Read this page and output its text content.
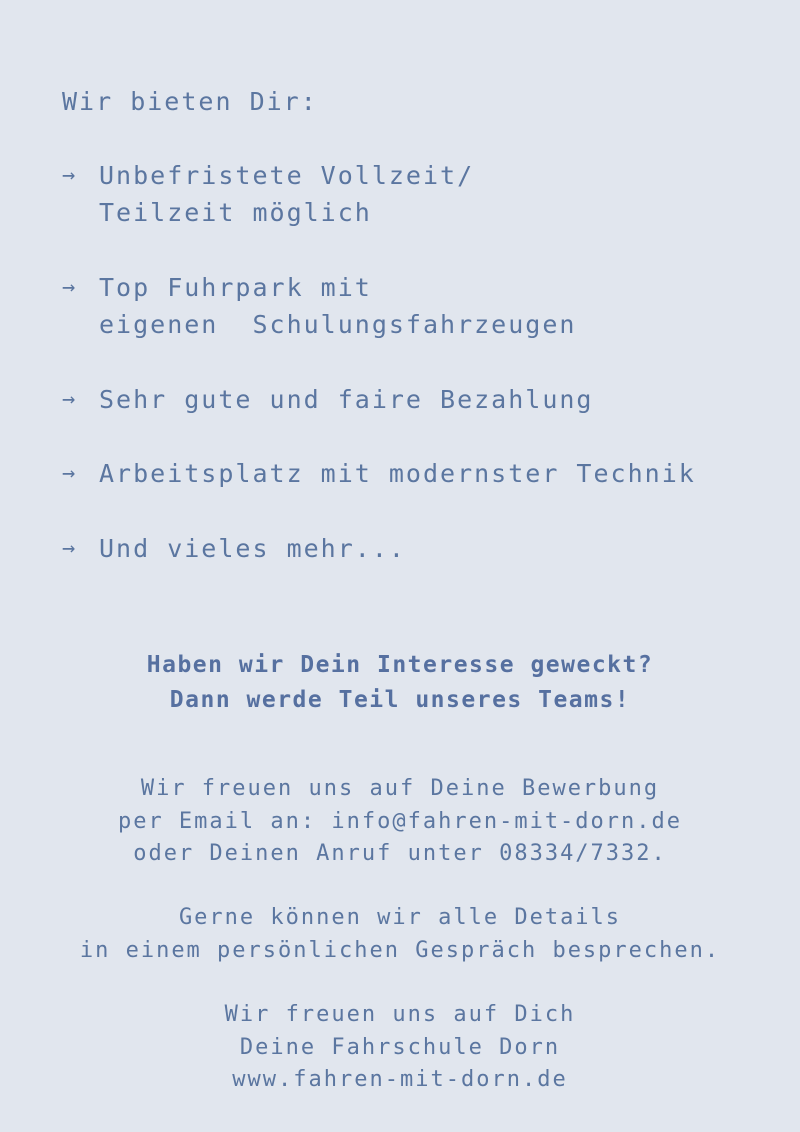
Wir bieten Dir:
→ Unbefristete Vollzeit/
Teilzeit möglich
→ Top Fuhrpark mit
eigenen  Schulungsfahrzeugen
→ Sehr gute und faire Bezahlung
→ Arbeitsplatz mit modernster Technik
→ Und vieles mehr...
Haben wir Dein Interesse geweckt?
Dann werde Teil unseres Teams!
Wir freuen uns auf Deine Bewerbung
per Email an: info@fahren-mit-dorn.de
oder Deinen Anruf unter 08334/7332.
Gerne können wir alle Details
in einem persönlichen Gespräch besprechen.
Wir freuen uns auf Dich
Deine Fahrschule Dorn
www.fahren-mit-dorn.de
